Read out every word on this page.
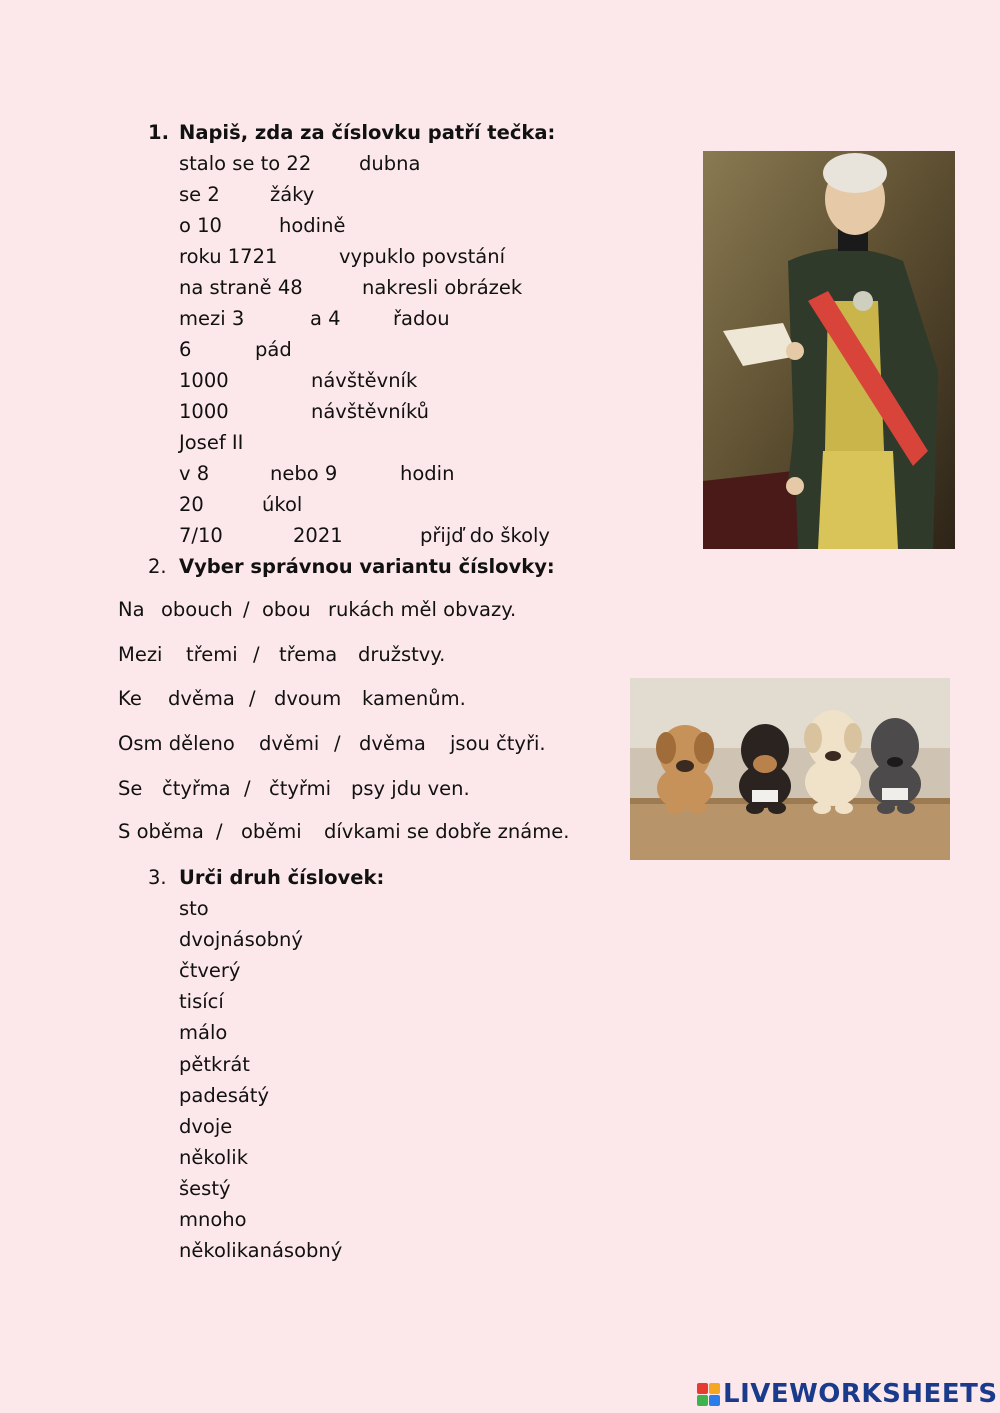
1. Napiš, zda za číslovku patří tečka:
2. Vyber správnou variantu číslovky:
3. Urči druh číslovek:
LIVEWORKSHEETS
stalo se to 22 dubna
se 2	žáky
o 10	hodině
roku 1721	vypuklo povstání
na straně 48	nakresli obrázek
mezi 3	a 4	řadou
6	pád
1000	návštěvník
1000	návštěvníků
Josef II
v 8	nebo 9	hodin
20	úkol
7/10	2021	přijď do školy
Na obouch / obou rukách měl obvazy.
Mezi třemi / třema družstvy.
Ke dvěma / dvoum kamenům.
Osm děleno dvěmi / dvěma jsou čtyři.
Se čtyřma / čtyřmi psy jdu ven.
S oběma / oběmi dívkami se dobře známe.
sto
dvojnásobný
čtverý
tisící
málo
pětkrát
padesátý
dvoje
několik
šestý
mnoho
několikanásobný
